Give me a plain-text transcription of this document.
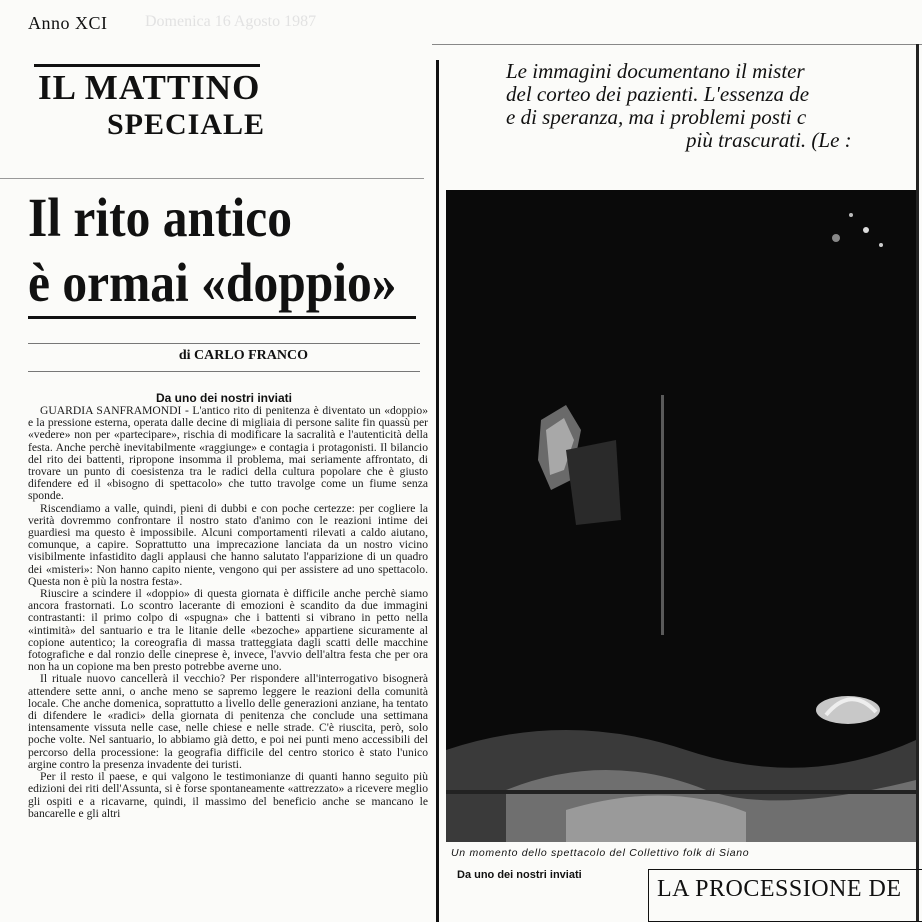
Anno XCI Domenica 16 Agosto 1987
IL MATTINO
SPECIALE
Il rito antico
è ormai «doppio»
di CARLO FRANCO
Da uno dei nostri inviati

GUARDIA SANFRAMONDI - L'antico rito di penitenza è diventato un «doppio» e la pressione esterna, operata dalle decine di migliaia di persone salite fin quassù per «vedere» non per «partecipare», rischia di modificare la sacralità e l'autenticità della festa. Anche perchè inevitabilmente «raggiunge» e contagia i protagonisti. Il bilancio del rito dei battenti, ripropone insomma il problema, mai seriamente affrontato, di trovare un punto di coesistenza tra le radici della cultura popolare che è giusto difendere ed il «bisogno di spettacolo» che tutto travolge come un fiume senza sponde.

Riscendiamo a valle, quindi, pieni di dubbi e con poche certezze: per cogliere la verità dovremmo confrontare il nostro stato d'animo con le reazioni intime dei guardiesi ma questo è impossibile. Alcuni comportamenti rilevati a caldo aiutano, comunque, a capire. Soprattutto una imprecazione lanciata da un nostro vicino visibilmente infastidito dagli applausi che hanno salutato l'apparizione di un quadro dei «misteri»: Non hanno capito niente, vengono qui per assistere ad uno spettacolo. Questa non è più la nostra festa».

Riuscire a scindere il «doppio» di questa giornata è difficile anche perchè siamo ancora frastornati. Lo scontro lacerante di emozioni è scandito da due immagini contrastanti: il primo colpo di «spugna» che i battenti si vibrano in petto nella «intimità» del santuario e tra le litanie delle «bezoche» appartiene sicuramente al copione autentico; la coreografia di massa tratteggiata dagli scatti delle macchine fotografiche e dal ronzio delle cineprese è, invece, l'avvio dell'altra festa che per ora non ha un copione ma ben presto potrebbe averne uno.

Il rituale nuovo cancellerà il vecchio? Per rispondere all'interrogativo bisognerà attendere sette anni, o anche meno se sapremo leggere le reazioni della comunità locale. Che anche domenica, soprattutto a livello delle generazioni anziane, ha tentato di difendere le «radici» della giornata di penitenza che conclude una settimana intensamente vissuta nelle case, nelle chiese e nelle strade. C'è riuscita, però, solo poche volte. Nel santuario, lo abbiamo già detto, e poi nei punti meno accessibili del percorso della processione: la geografia difficile del centro storico è stato l'unico argine contro la presenza invadente dei turisti.

Per il resto il paese, e qui valgono le testimonianze di quanti hanno seguito più edizioni dei riti dell'Assunta, si è forse spontaneamente «attrezzato» a ricevere meglio gli ospiti e a ricavarne, quindi, il massimo del beneficio anche se mancano le bancarelle e gli altri

Le immagini documentano il mister
del corteo dei pazienti. L'essenza de
e di speranza, ma i problemi posti c
più trascurati. (Le :
Un momento dello spettacolo del Collettivo folk di Siano
Da uno dei nostri inviati
LA PROCESSIONE DE
